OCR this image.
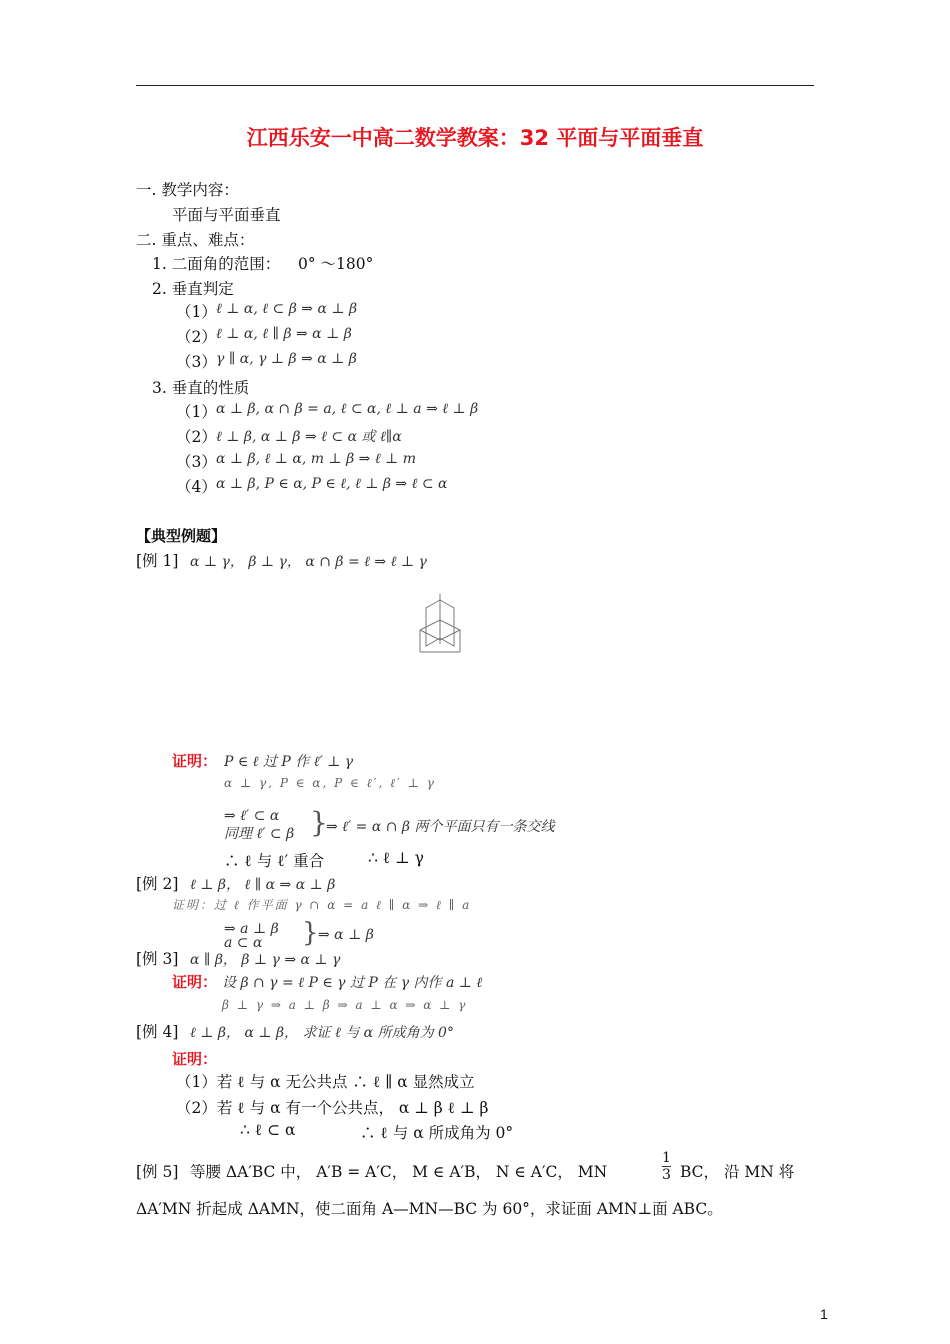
江西乐安一中高二数学教案：32 平面与平面垂直
一. 教学内容：
平面与平面垂直
二. 重点、难点：
1. 二面角的范围： 0° ～180°
2. 垂直判定
（1） ℓ ⊥ α, ℓ ⊂ β ⇒ α ⊥ β
（2） ℓ ⊥ α, ℓ ∥ β ⇒ α ⊥ β
（3） γ ∥ α, γ ⊥ β ⇒ α ⊥ β
3. 垂直的性质
（1） α ⊥ β, α ∩ β = a, ℓ ⊂ α, ℓ ⊥ a ⇒ ℓ ⊥ β
（2） ℓ ⊥ β, α ⊥ β ⇒ ℓ ⊂ α 或 ℓ∥α
（3） α ⊥ β, ℓ ⊥ α, m ⊥ β ⇒ ℓ ⊥ m
（4） α ⊥ β, P ∈ α, P ∈ ℓ, ℓ ⊥ β ⇒ ℓ ⊂ α
【典型例题】
[例 1] α ⊥ γ， β ⊥ γ， α ∩ β = ℓ ⇒ ℓ ⊥ γ
证明： P ∈ ℓ 过 P 作 ℓ′ ⊥ γ
α ⊥ γ, P ∈ α, P ∈ ℓ′, ℓ′ ⊥ γ
⇒ ℓ′ ⊂ α
同理 ℓ′ ⊂ β }
⇒ ℓ′ = α ∩ β 两个平面只有一条交线
∴ ℓ 与 ℓ′ 重合	∴ ℓ ⊥ γ
[例 2] ℓ ⊥ β， ℓ ∥ α ⇒ α ⊥ β
证明：过 ℓ 作平面 γ ∩ α = a ℓ ∥ α ⇒ ℓ ∥ a
⇒ a ⊥ β
a ⊂ α } ⇒ α ⊥ β
[例 3] α ∥ β， β ⊥ γ ⇒ α ⊥ γ
证明： 设 β ∩ γ = ℓ P ∈ γ 过 P 在 γ 内作 a ⊥ ℓ
β ⊥ γ ⇒ a ⊥ β ⇒ a ⊥ α ⇒ α ⊥ γ
[例 4] ℓ ⊥ β， α ⊥ β， 求证 ℓ 与 α 所成角为 0°
证明：
（1）若 ℓ 与 α 无公共点 ∴ ℓ ∥ α 显然成立
（2）若 ℓ 与 α 有一个公共点， α ⊥ β ℓ ⊥ β
∴ ℓ ⊂ α	∴ ℓ 与 α 所成角为 0°
[例 5] 等腰 ΔA′BC 中， A′B = A′C， M ∈ A′B， N ∈ A′C， MN	$\frac{1}{3}$ BC， 沿 MN 将
ΔA′MN 折起成 ΔAMN，使二面角 A—MN—BC 为 60°，求证面 AMN⊥面 ABC。
1
